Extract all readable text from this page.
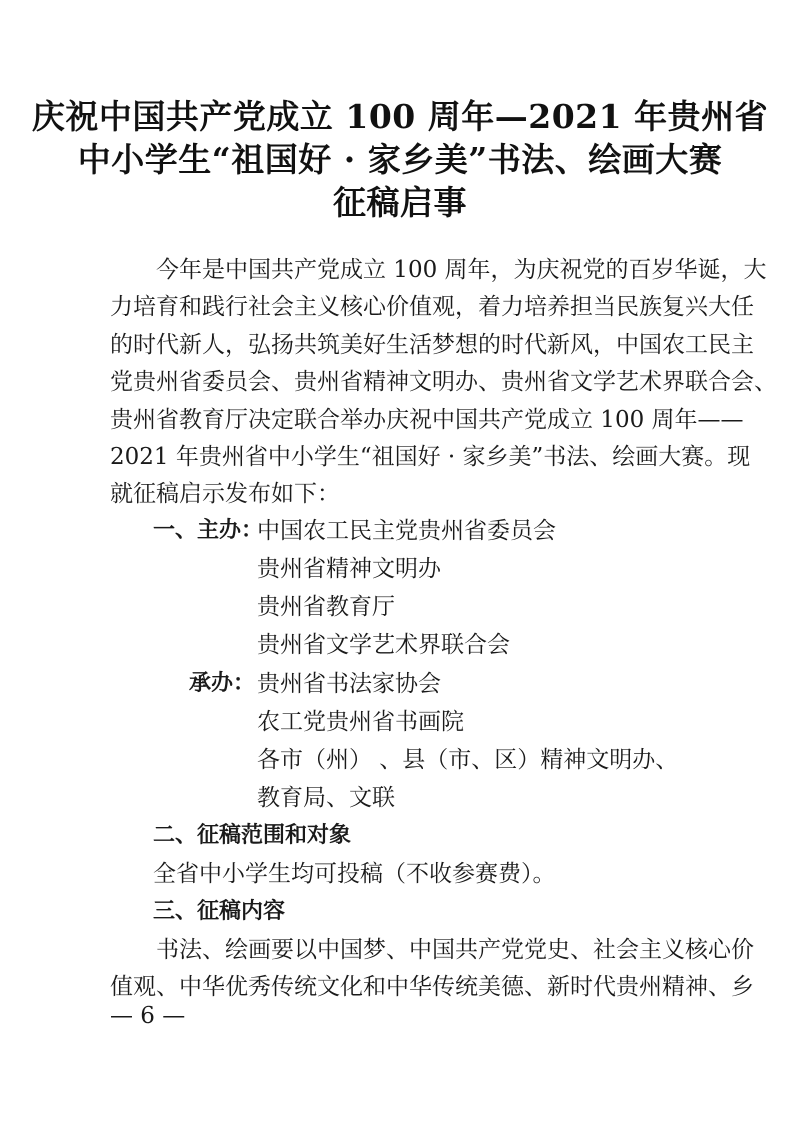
庆祝中国共产党成立 100 周年—2021 年贵州省
中小学生“祖国好 · 家乡美”书法、绘画大赛
征稿启事
今年是中国共产党成立 100 周年，为庆祝党的百岁华诞，大
力培育和践行社会主义核心价值观，着力培养担当民族复兴大任
的时代新人，弘扬共筑美好生活梦想的时代新风，中国农工民主
党贵州省委员会、贵州省精神文明办、贵州省文学艺术界联合会、
贵州省教育厅决定联合举办庆祝中国共产党成立 100 周年——
2021 年贵州省中小学生“祖国好 · 家乡美”书法、绘画大赛。现
就征稿启示发布如下：
一、主办：
中国农工民主党贵州省委员会
贵州省精神文明办
贵州省教育厅
贵州省文学艺术界联合会
承办： 贵州省书法家协会
农工党贵州省书画院
各市（州） 、县（市、区）精神文明办、
教育局、文联
二、征稿范围和对象
全省中小学生均可投稿（不收参赛费）。
三、征稿内容
书法、绘画要以中国梦、中国共产党党史、社会主义核心价
值观、中华优秀传统文化和中华传统美德、新时代贵州精神、乡
— 6 —
